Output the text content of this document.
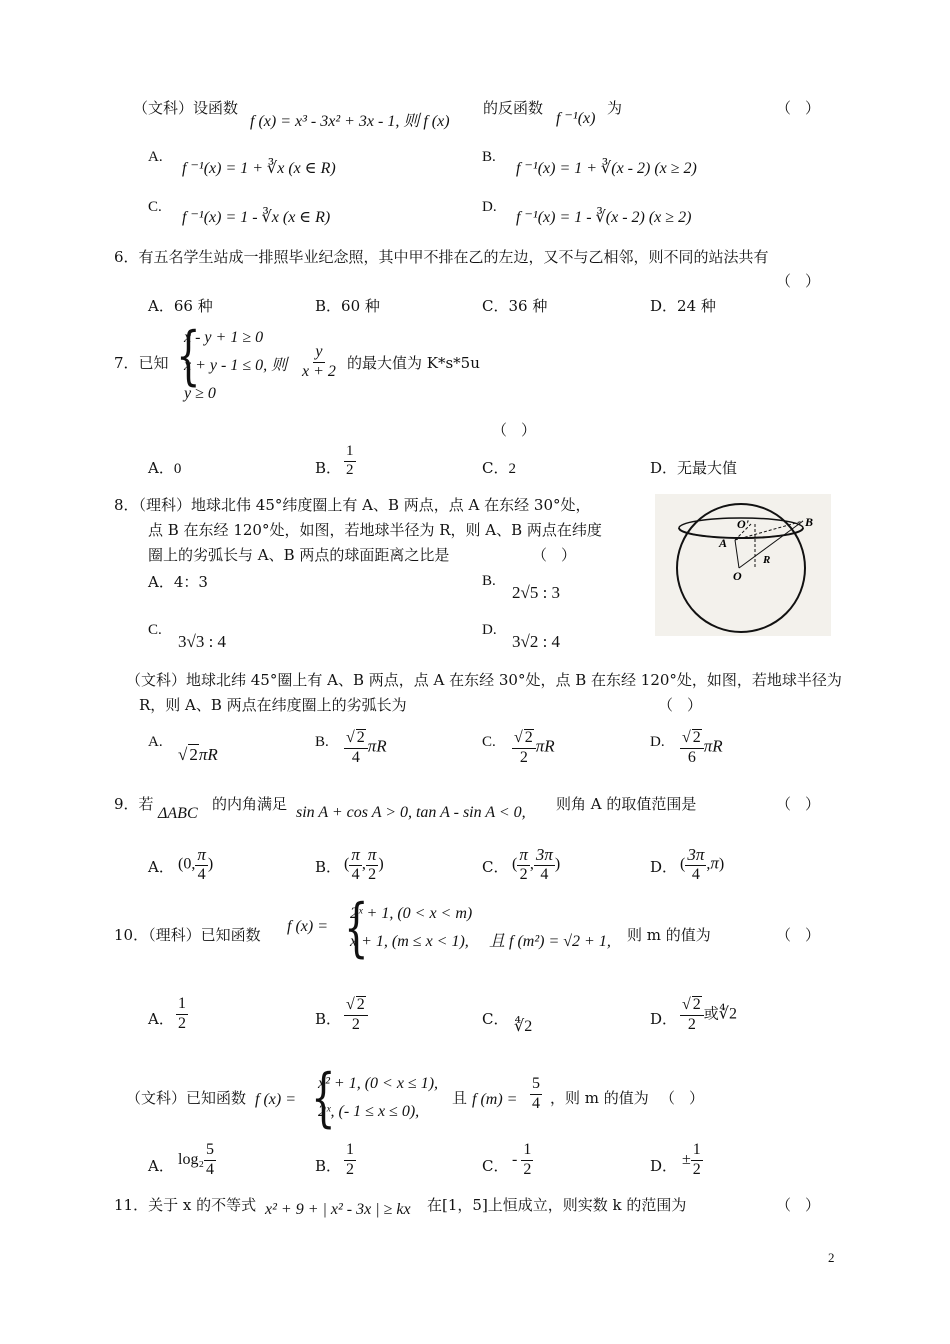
（文科）设函数
f (x) = x³ - 3x² + 3x - 1, 则 f (x)
的反函数
f ⁻¹(x)
为	（）
A.
f ⁻¹(x) = 1 + ∛x (x ∈ R)
B.
f ⁻¹(x) = 1 + ∛(x - 2) (x ≥ 2)
C.
f ⁻¹(x) = 1 - ∛x (x ∈ R)
D.
f ⁻¹(x) = 1 - ∛(x - 2) (x ≥ 2)
6．有五名学生站成一排照毕业纪念照，其中甲不排在乙的左边，又不与乙相邻，则不同的站法共有
（）
A．66 种	B．60 种	C．36 种	D．24 种
7．已知 {
x - y + 1 ≥ 0
x + y - 1 ≤ 0, 则
y ≥ 0
$\frac{y}{x + 2}$ 的最大值为 K*s*5u
（）
A．0	B． $\frac{1}{2}$	C．2	D．无最大值
8．（理科）地球北伟 45°纬度圈上有 A、B 两点，点 A 在东经 30°处，
点 B 在东经 120°处，如图，若地球半径为 R，则 A、B 两点在纬度
圈上的劣弧长与 A、B 两点的球面距离之比是	（）
A．4：3	B.
2√5 : 3
C.
3√3 : 4
D.
3√2 : 4
O'
A
B
O
R
（文科）地球北纬 45°圈上有 A、B 两点，点 A 在东经 30°处，点 B 在东经 120°处，如图，若地球半径为
R，则 A、B 两点在纬度圈上的劣弧长为	（）
A.
√ 2πR
B. $\frac{√ 2}{4}$ πR	C. $\frac{√ 2}{2}$ πR	D. $\frac{√ 2}{6}$ πR
9．若
ΔABC
的内角满足 sin A + cos A > 0, tan A - sin A < 0, 则角 A 的取值范围是	（）
A． (0, $\frac{\pi}{4}$ )	B． ( $\frac{\pi}{4}$ , $\frac{\pi}{2}$ )	C． ( $\frac{\pi}{2}$ , $\frac{3\pi}{4}$ )	D． ( $\frac{3\pi}{4} ,\pi$)
10．（理科）已知函数 f (x) = {
2ˣ + 1, (0 < x < m)
x + 1, (m ≤ x < 1), 且 f (m²) = √2 + 1, 则 m 的值为	（）
A． $\frac{1}{2}$	B． $\frac{√ 2}{2}$	C． ∜2	D． $\frac{√ 2}{2}$ 或∜2
（文科）已知函数 f (x) = {
x² + 1, (0 < x ≤ 1),
2ˣ, (- 1 ≤ x ≤ 0),
且 f $(m) = \frac{5}{4}$ ，则 m 的值为 （）
A． $\log_2 \frac{5}{4}$	B． $\frac{1}{2}$	C． - $\frac{1}{2}$	D． ± $\frac{1}{2}$
11．关于 x 的不等式 x² + 9 + | x² - 3x | ≥ kx 在[1，5]上恒成立，则实数 k 的范围为	（）
2
